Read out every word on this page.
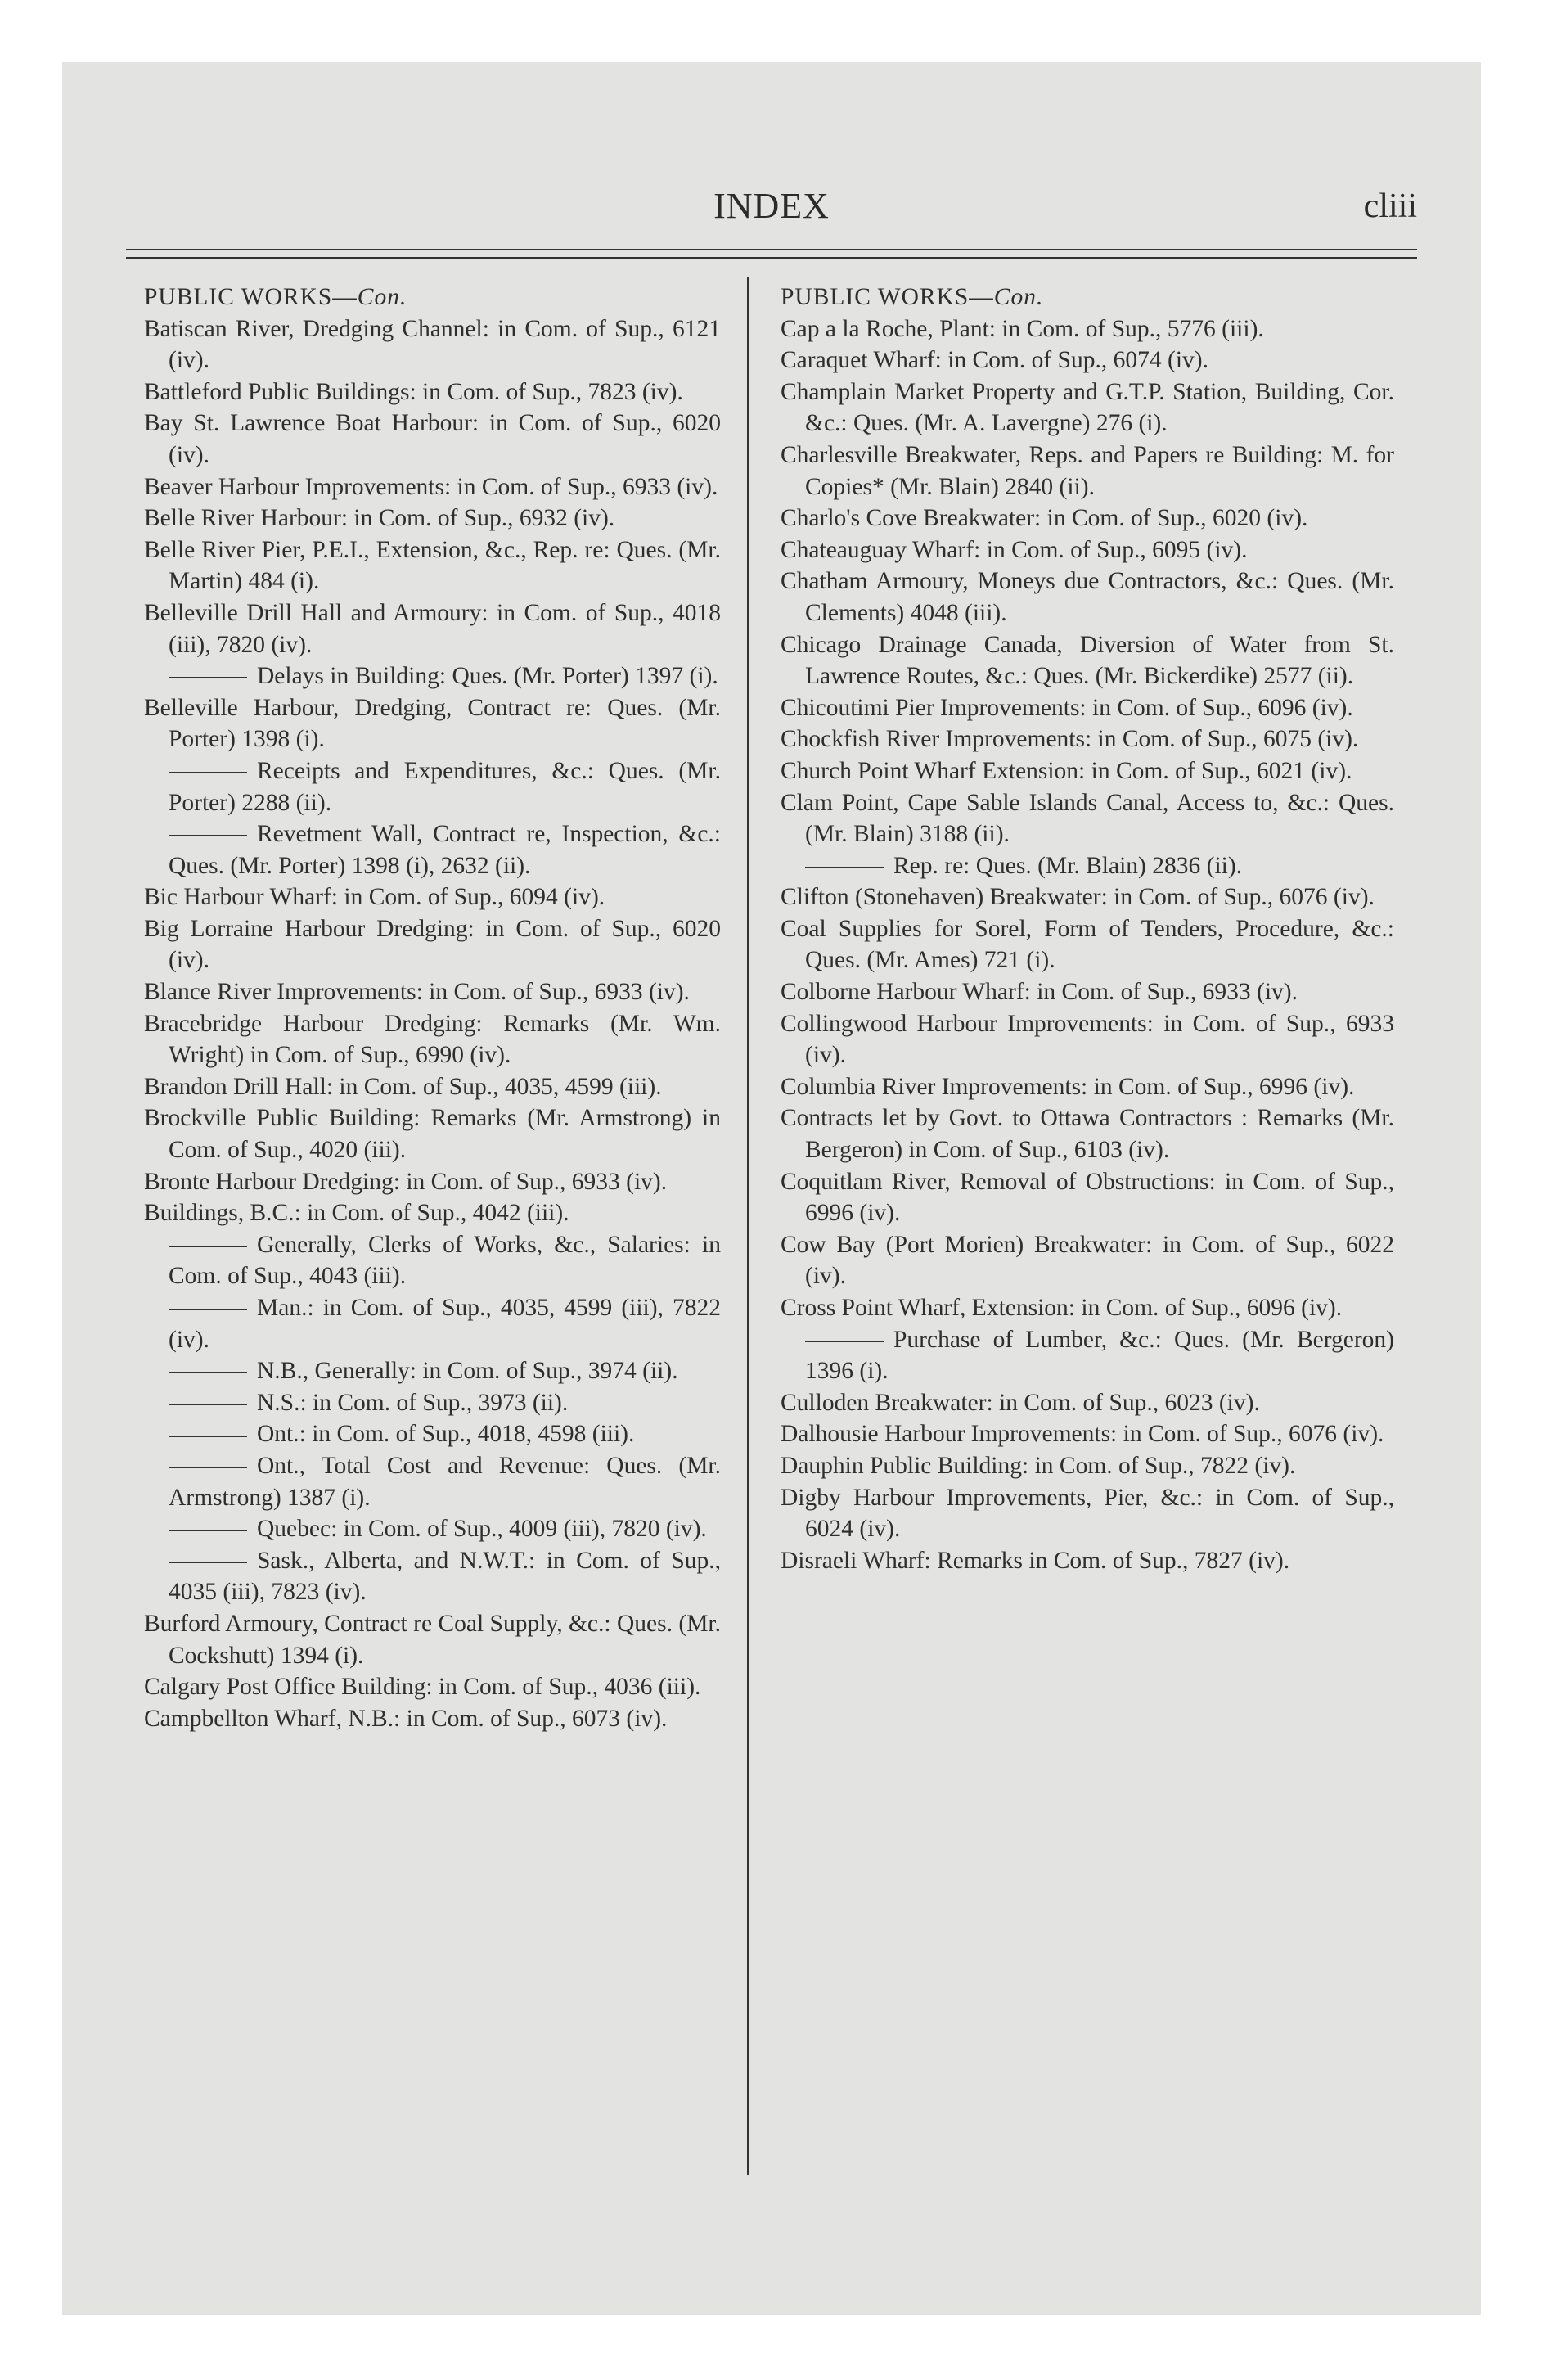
INDEX	cliii
PUBLIC WORKS—Con.
Batiscan River, Dredging Channel: in Com. of Sup., 6121 (iv).
Battleford Public Buildings: in Com. of Sup., 7823 (iv).
Bay St. Lawrence Boat Harbour: in Com. of Sup., 6020 (iv).
Beaver Harbour Improvements: in Com. of Sup., 6933 (iv).
Belle River Harbour: in Com. of Sup., 6932 (iv).
Belle River Pier, P.E.I., Extension, &c., Rep. re: Ques. (Mr. Martin) 484 (i).
Belleville Drill Hall and Armoury: in Com. of Sup., 4018 (iii), 7820 (iv).
Delays in Building: Ques. (Mr. Porter) 1397 (i).
Belleville Harbour, Dredging, Contract re: Ques. (Mr. Porter) 1398 (i).
Receipts and Expenditures, &c.: Ques. (Mr. Porter) 2288 (ii).
Revetment Wall, Contract re, Inspection, &c.: Ques. (Mr. Porter) 1398 (i), 2632 (ii).
Bic Harbour Wharf: in Com. of Sup., 6094 (iv).
Big Lorraine Harbour Dredging: in Com. of Sup., 6020 (iv).
Blance River Improvements: in Com. of Sup., 6933 (iv).
Bracebridge Harbour Dredging: Remarks (Mr. Wm. Wright) in Com. of Sup., 6990 (iv).
Brandon Drill Hall: in Com. of Sup., 4035, 4599 (iii).
Brockville Public Building: Remarks (Mr. Armstrong) in Com. of Sup., 4020 (iii).
Bronte Harbour Dredging: in Com. of Sup., 6933 (iv).
Buildings, B.C.: in Com. of Sup., 4042 (iii).
Generally, Clerks of Works, &c., Salaries: in Com. of Sup., 4043 (iii).
Man.: in Com. of Sup., 4035, 4599 (iii), 7822 (iv).
N.B., Generally: in Com. of Sup., 3974 (ii).
N.S.: in Com. of Sup., 3973 (ii).
Ont.: in Com. of Sup., 4018, 4598 (iii).
Ont., Total Cost and Revenue: Ques. (Mr. Armstrong) 1387 (i).
Quebec: in Com. of Sup., 4009 (iii), 7820 (iv).
Sask., Alberta, and N.W.T.: in Com. of Sup., 4035 (iii), 7823 (iv).
Burford Armoury, Contract re Coal Supply, &c.: Ques. (Mr. Cockshutt) 1394 (i).
Calgary Post Office Building: in Com. of Sup., 4036 (iii).
Campbellton Wharf, N.B.: in Com. of Sup., 6073 (iv).
PUBLIC WORKS—Con.
Cap a la Roche, Plant: in Com. of Sup., 5776 (iii).
Caraquet Wharf: in Com. of Sup., 6074 (iv).
Champlain Market Property and G.T.P. Station, Building, Cor. &c.: Ques. (Mr. A. Lavergne) 276 (i).
Charlesville Breakwater, Reps. and Papers re Building: M. for Copies* (Mr. Blain) 2840 (ii).
Charlo's Cove Breakwater: in Com. of Sup., 6020 (iv).
Chateauguay Wharf: in Com. of Sup., 6095 (iv).
Chatham Armoury, Moneys due Contractors, &c.: Ques. (Mr. Clements) 4048 (iii).
Chicago Drainage Canada, Diversion of Water from St. Lawrence Routes, &c.: Ques. (Mr. Bickerdike) 2577 (ii).
Chicoutimi Pier Improvements: in Com. of Sup., 6096 (iv).
Chockfish River Improvements: in Com. of Sup., 6075 (iv).
Church Point Wharf Extension: in Com. of Sup., 6021 (iv).
Clam Point, Cape Sable Islands Canal, Access to, &c.: Ques. (Mr. Blain) 3188 (ii).
Rep. re: Ques. (Mr. Blain) 2836 (ii).
Clifton (Stonehaven) Breakwater: in Com. of Sup., 6076 (iv).
Coal Supplies for Sorel, Form of Tenders, Procedure, &c.: Ques. (Mr. Ames) 721 (i).
Colborne Harbour Wharf: in Com. of Sup., 6933 (iv).
Collingwood Harbour Improvements: in Com. of Sup., 6933 (iv).
Columbia River Improvements: in Com. of Sup., 6996 (iv).
Contracts let by Govt. to Ottawa Contractors : Remarks (Mr. Bergeron) in Com. of Sup., 6103 (iv).
Coquitlam River, Removal of Obstructions: in Com. of Sup., 6996 (iv).
Cow Bay (Port Morien) Breakwater: in Com. of Sup., 6022 (iv).
Cross Point Wharf, Extension: in Com. of Sup., 6096 (iv).
Purchase of Lumber, &c.: Ques. (Mr. Bergeron) 1396 (i).
Culloden Breakwater: in Com. of Sup., 6023 (iv).
Dalhousie Harbour Improvements: in Com. of Sup., 6076 (iv).
Dauphin Public Building: in Com. of Sup., 7822 (iv).
Digby Harbour Improvements, Pier, &c.: in Com. of Sup., 6024 (iv).
Disraeli Wharf: Remarks in Com. of Sup., 7827 (iv).
